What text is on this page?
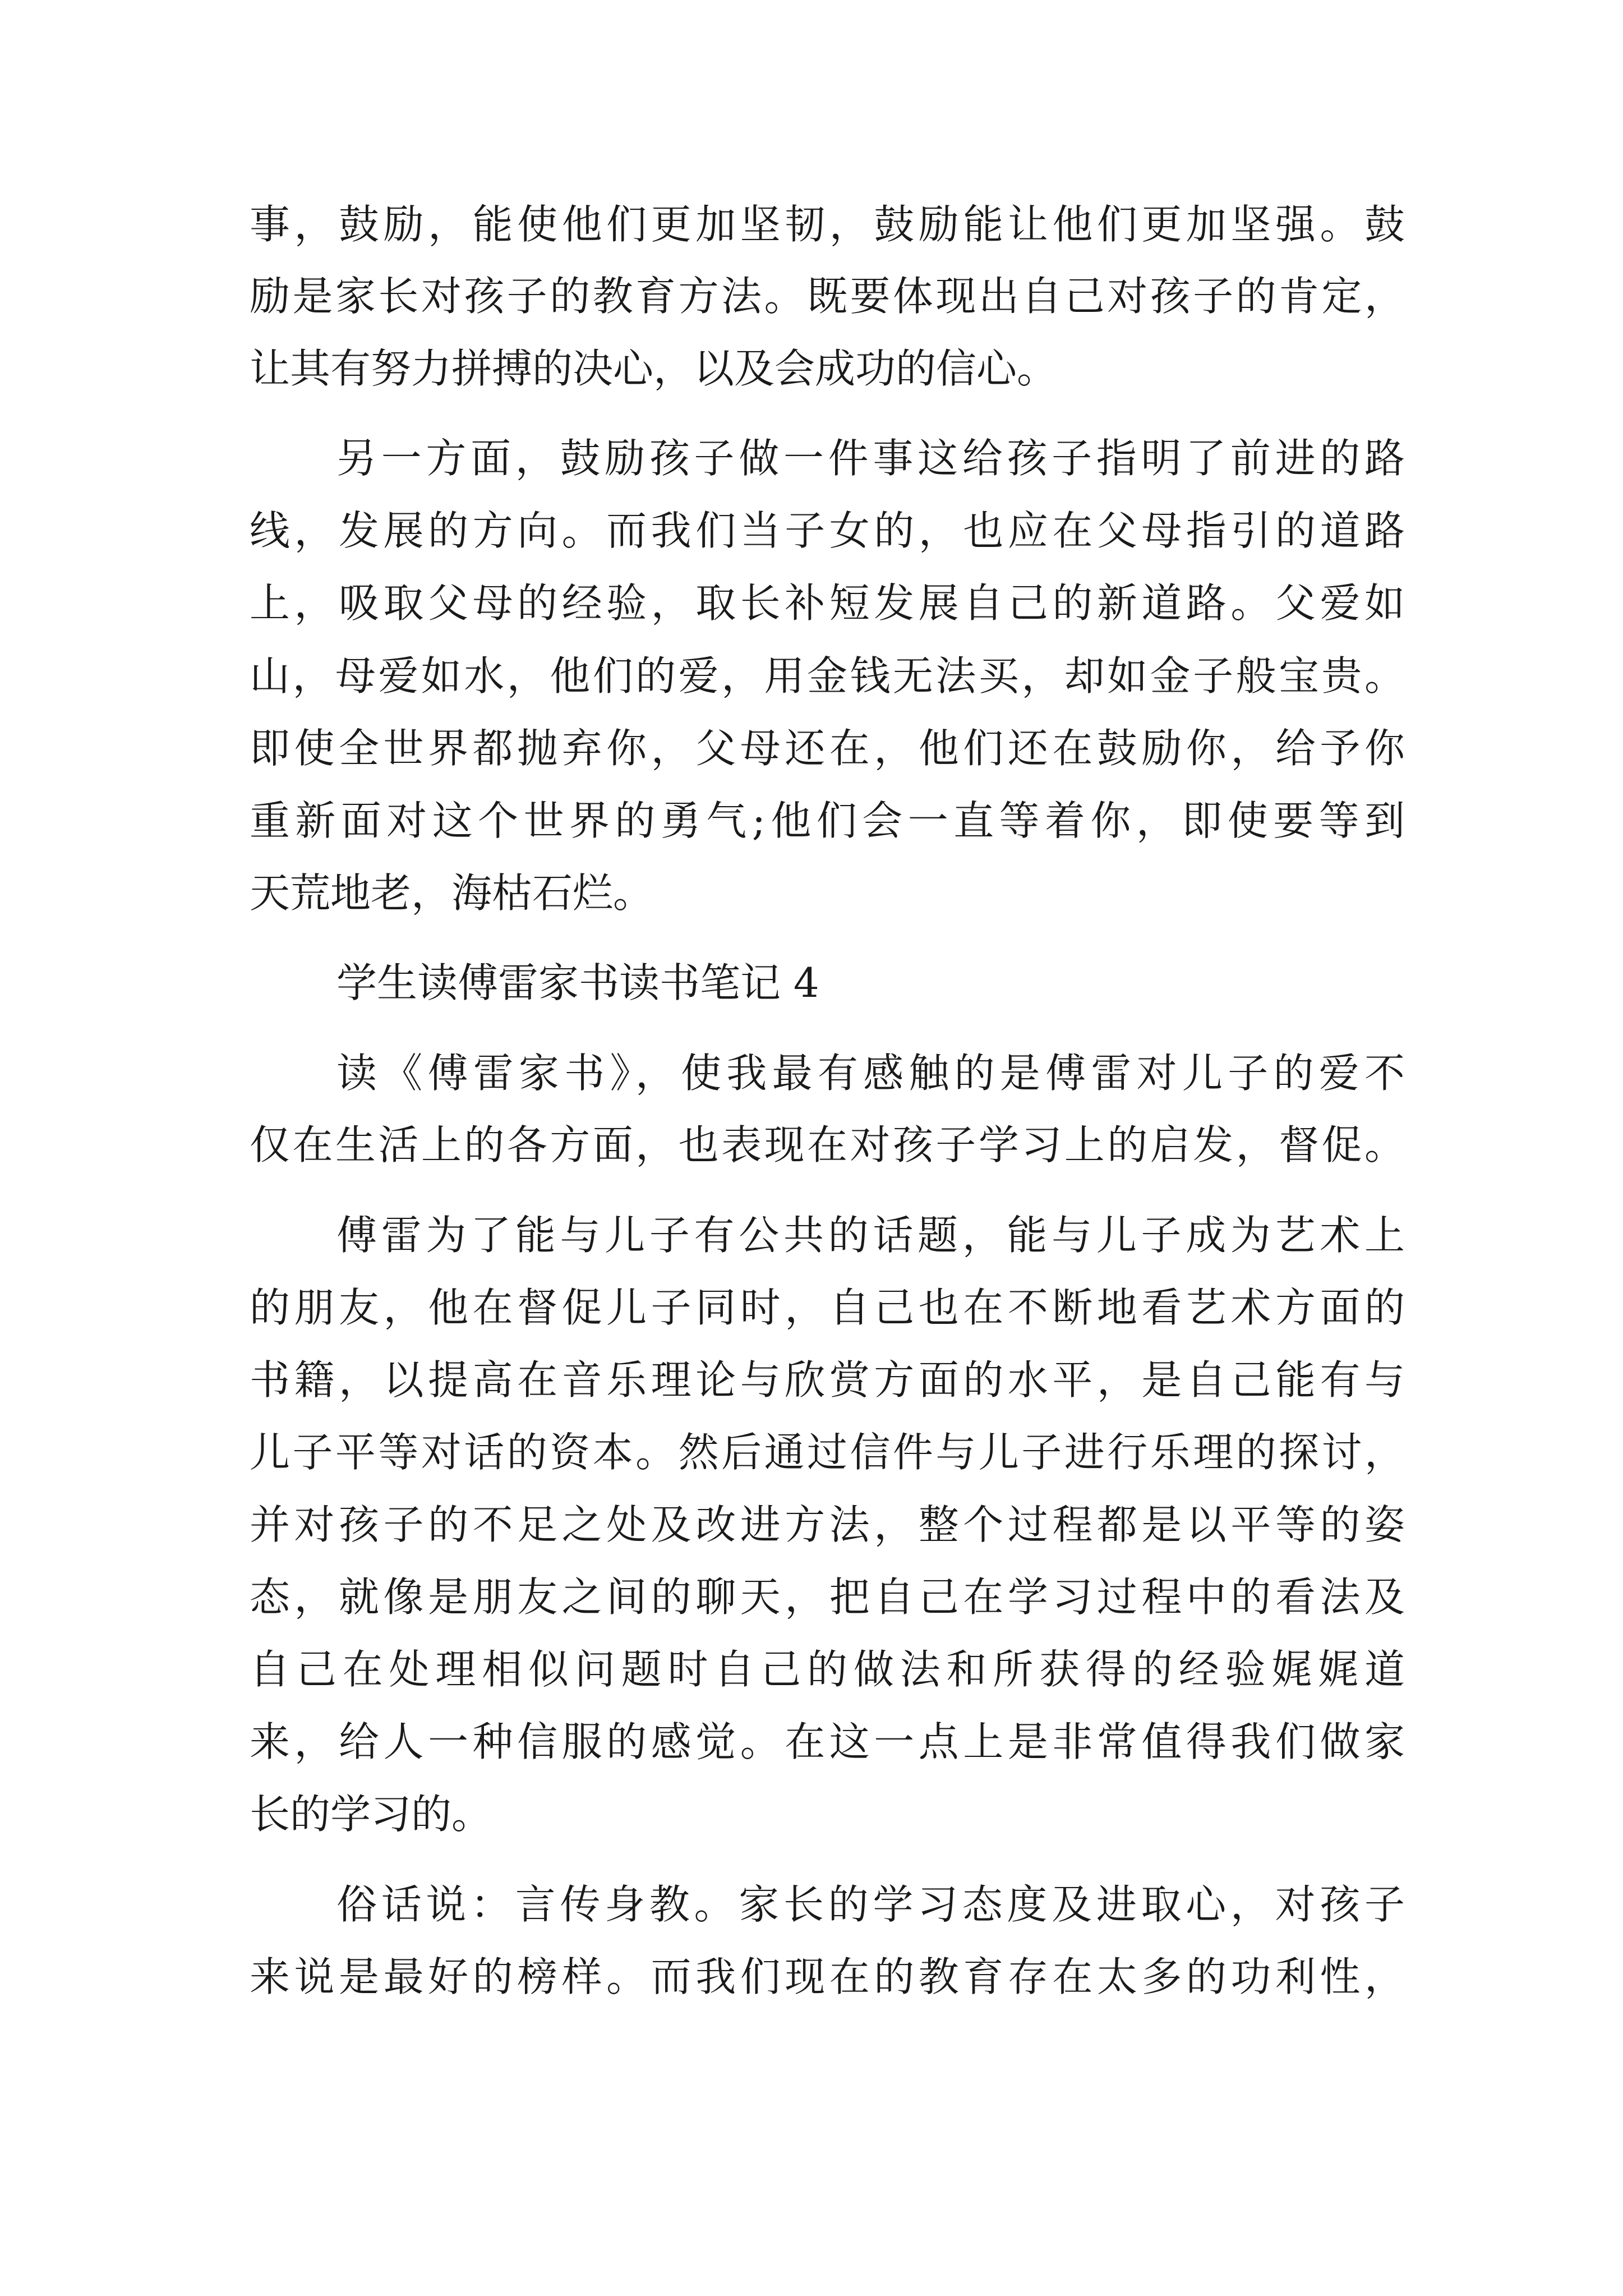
事，鼓励，能使他们更加坚韧，鼓励能让他们更加坚强。鼓
励是家长对孩子的教育方法。既要体现出自己对孩子的肯定，
让其有努力拼搏的决心，以及会成功的信心。
另一方面，鼓励孩子做一件事这给孩子指明了前进的路
线，发展的方向。而我们当子女的，也应在父母指引的道路
上，吸取父母的经验，取长补短发展自己的新道路。父爱如
山，母爱如水，他们的爱，用金钱无法买，却如金子般宝贵。
即使全世界都抛弃你，父母还在，他们还在鼓励你，给予你
重新面对这个世界的勇气;他们会一直等着你，即使要等到
天荒地老，海枯石烂。
学生读傅雷家书读书笔记 4
读《傅雷家书》，使我最有感触的是傅雷对儿子的爱不
仅在生活上的各方面，也表现在对孩子学习上的启发，督促。
傅雷为了能与儿子有公共的话题，能与儿子成为艺术上
的朋友，他在督促儿子同时，自己也在不断地看艺术方面的
书籍，以提高在音乐理论与欣赏方面的水平，是自己能有与
儿子平等对话的资本。然后通过信件与儿子进行乐理的探讨，
并对孩子的不足之处及改进方法，整个过程都是以平等的姿
态，就像是朋友之间的聊天，把自己在学习过程中的看法及
自己在处理相似问题时自己的做法和所获得的经验娓娓道
来，给人一种信服的感觉。在这一点上是非常值得我们做家
长的学习的。
俗话说：言传身教。家长的学习态度及进取心，对孩子
来说是最好的榜样。而我们现在的教育存在太多的功利性，
